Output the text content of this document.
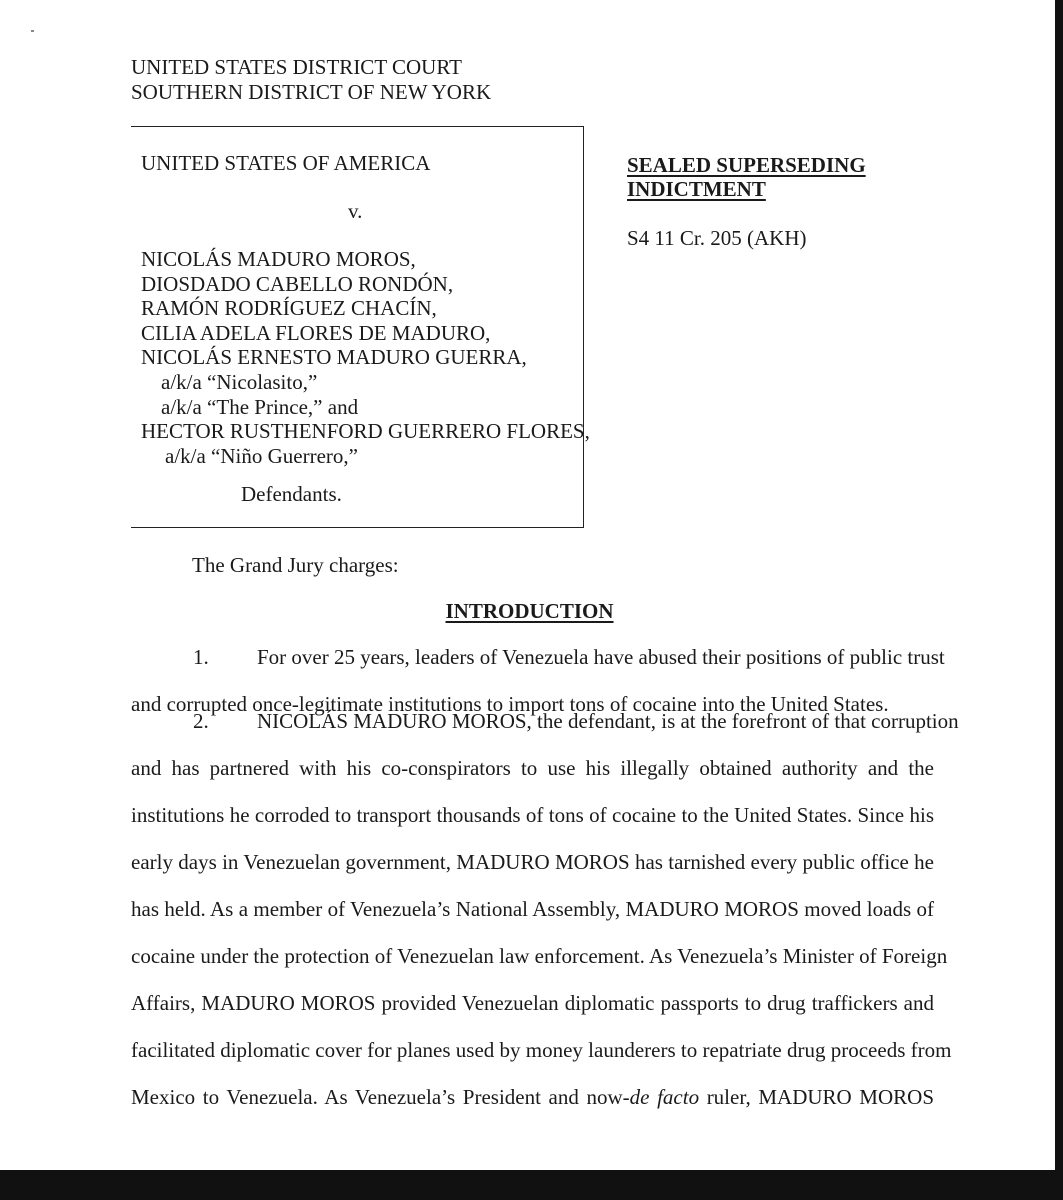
UNITED STATES DISTRICT COURT
SOUTHERN DISTRICT OF NEW YORK
UNITED STATES OF AMERICA
v.
NICOLÁS MADURO MOROS,
DIOSDADO CABELLO RONDÓN,
RAMÓN RODRÍGUEZ CHACÍN,
CILIA ADELA FLORES DE MADURO,
NICOLÁS ERNESTO MADURO GUERRA,
a/k/a “Nicolasito,”
a/k/a “The Prince,” and
HECTOR RUSTHENFORD GUERRERO FLORES,
a/k/a “Niño Guerrero,”
Defendants.
SEALED SUPERSEDING
INDICTMENT
S4 11 Cr. 205 (AKH)
The Grand Jury charges:
INTRODUCTION
1. For over 25 years, leaders of Venezuela have abused their positions of public trust
and corrupted once-legitimate institutions to import tons of cocaine into the United States.
2. NICOLÁS MADURO MOROS, the defendant, is at the forefront of that corruption
and has partnered with his co-conspirators to use his illegally obtained authority and the
institutions he corroded to transport thousands of tons of cocaine to the United States. Since his
early days in Venezuelan government, MADURO MOROS has tarnished every public office he
has held. As a member of Venezuela’s National Assembly, MADURO MOROS moved loads of
cocaine under the protection of Venezuelan law enforcement. As Venezuela’s Minister of Foreign
Affairs, MADURO MOROS provided Venezuelan diplomatic passports to drug traffickers and
facilitated diplomatic cover for planes used by money launderers to repatriate drug proceeds from
Mexico to Venezuela. As Venezuela’s President and now-de facto ruler, MADURO MOROS
